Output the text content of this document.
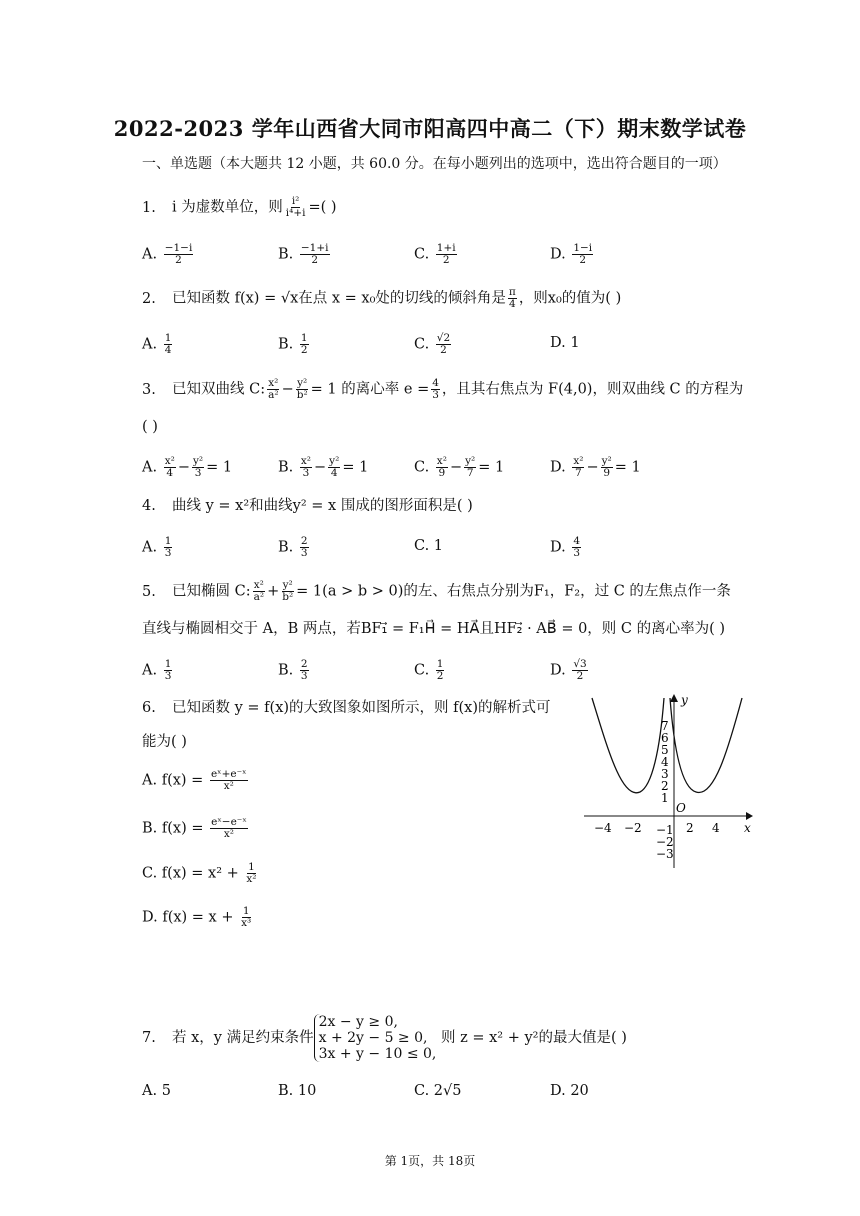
2022-2023 学年山西省大同市阳高四中高二（下）期末数学试卷
一、单选题（本大题共 12 小题，共 60.0 分。在每小题列出的选项中，选出符合题目的一项）
1. i 为虚数单位，则 $\frac{\text{i²}}{\text{i⁴+i}}$ =( )
A. $\frac{-1-i}{2}$	B. $\frac{-1+i}{2}$	C. $\frac{1+i}{2}$	D. $\frac{1-i}{2}$
2. 已知函数 f(x) = √x在点 x = x₀处的切线的倾斜角是 $\frac{\pi}{4}$ ，则x₀的值为( )
A. $\frac{1}{4}$	B. $\frac{1}{2}$	C. $\frac{√2}{2}$	D. 1
3. 已知双曲线 C: $\frac{\text{x²}}{\text{a²}} - \frac{\text{y²}}{\text{b²}} = 1$ 的离心率 $e = \frac{4}{3}$ ，且其右焦点为 F(4,0)，则双曲线 C 的方程为
( )
A. $\frac{\text{x²}}{4} - \frac{\text{y²}}{3} = 1$	B. $\frac{\text{x²}}{3} - \frac{\text{y²}}{4} = 1$	C. $\frac{\text{x²}}{9} - \frac{\text{y²}}{7} = 1$	D. $\frac{\text{x²}}{7} - \frac{\text{y²}}{9} = 1$
4. 曲线 y = x²和曲线y² = x 围成的图形面积是( )
A. $\frac{1}{3}$	B. $\frac{2}{3}$	C. 1	D. $\frac{4}{3}$
5. 已知椭圆 C: $\frac{\text{x²}}{\text{a²}} + \frac{\text{y²}}{\text{b²}} = 1(a > b > 0)$的左、右焦点分别为F₁，F₂，过 C 的左焦点作一条
直线与椭圆相交于 A，B 两点，若BF₁⃗ = F₁H⃗ = HA⃗且HF₂⃗ · AB⃗ = 0，则 C 的离心率为( )
A. $\frac{1}{3}$	B. $\frac{2}{3}$	C. $\frac{1}{2}$	D. $\frac{√3}{2}$
6. 已知函数 y = f(x)的大致图象如图所示，则 f(x)的解析式可
能为( )
A. $f(x) = \frac{\text{eˣ+e⁻ˣ}}{\text{x²}}$
B. $f(x) = \frac{\text{eˣ−e⁻ˣ}}{\text{x²}}$
C. $f(x) = x^2 + \frac{1}{\text{x²}}$
D. $f(x) = x + \frac{1}{\text{x³}}$
y
x
O
7
6
5
4
3
2
1
−1
−2
−3
−4 −2	2 4
7. 若 x，y 满足约束条件2x − y ≥ 0,
x + 2y − 5 ≥ 0,
3x + y − 10 ≤ 0, 则 z = x² + y²的最大值是( )
A. 5	B. 10	C. 2√5	D. 20
第 1页，共 18页
